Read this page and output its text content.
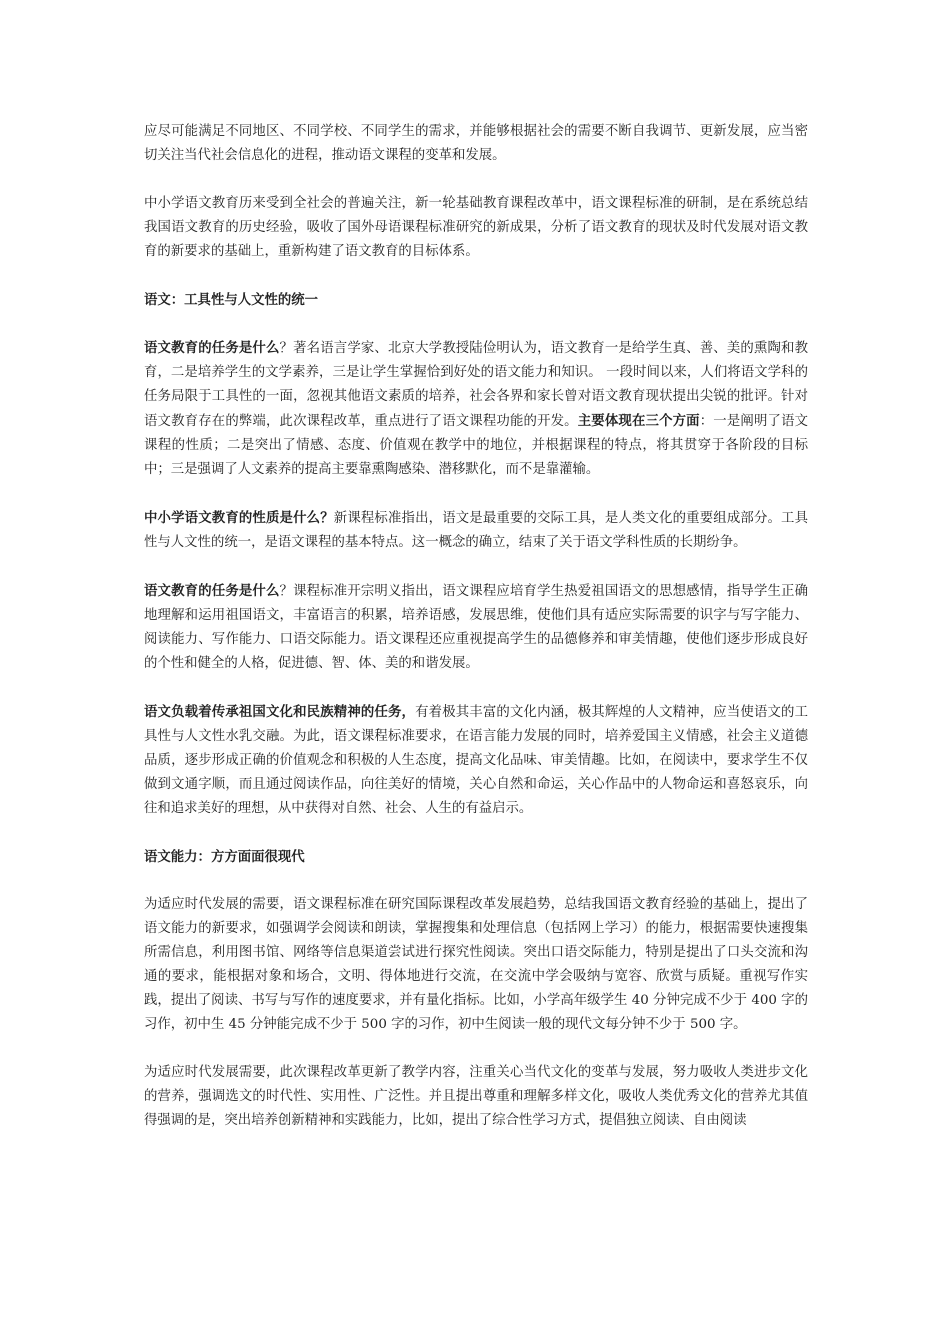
应尽可能满足不同地区、不同学校、不同学生的需求，并能够根据社会的需要不断自我调节、更新发展，应当密切关注当代社会信息化的进程，推动语文课程的变革和发展。

中小学语文教育历来受到全社会的普遍关注，新一轮基础教育课程改革中，语文课程标准的研制，是在系统总结我国语文教育的历史经验，吸收了国外母语课程标准研究的新成果，分析了语文教育的现状及时代发展对语文教育的新要求的基础上，重新构建了语文教育的目标体系。

语文：工具性与人文性的统一

语文教育的任务是什么？著名语言学家、北京大学教授陆俭明认为，语文教育一是给学生真、善、美的熏陶和教育，二是培养学生的文学素养，三是让学生掌握恰到好处的语文能力和知识。 一段时间以来，人们将语文学科的任务局限于工具性的一面，忽视其他语文素质的培养，社会各界和家长曾对语文教育现状提出尖锐的批评。针对语文教育存在的弊端，此次课程改革，重点进行了语文课程功能的开发。主要体现在三个方面：一是阐明了语文课程的性质；二是突出了情感、态度、价值观在教学中的地位，并根据课程的特点，将其贯穿于各阶段的目标中；三是强调了人文素养的提高主要靠熏陶感染、潜移默化，而不是靠灌输。

中小学语文教育的性质是什么？新课程标准指出，语文是最重要的交际工具，是人类文化的重要组成部分。工具性与人文性的统一，是语文课程的基本特点。这一概念的确立，结束了关于语文学科性质的长期纷争。

语文教育的任务是什么？课程标准开宗明义指出，语文课程应培育学生热爱祖国语文的思想感情，指导学生正确地理解和运用祖国语文，丰富语言的积累，培养语感，发展思维，使他们具有适应实际需要的识字与写字能力、阅读能力、写作能力、口语交际能力。语文课程还应重视提高学生的品德修养和审美情趣，使他们逐步形成良好的个性和健全的人格，促进德、智、体、美的和谐发展。

语文负载着传承祖国文化和民族精神的任务，有着极其丰富的文化内涵，极其辉煌的人文精神，应当使语文的工具性与人文性水乳交融。为此，语文课程标准要求，在语言能力发展的同时，培养爱国主义情感，社会主义道德品质，逐步形成正确的价值观念和积极的人生态度，提高文化品味、审美情趣。比如，在阅读中，要求学生不仅做到文通字顺，而且通过阅读作品，向往美好的情境，关心自然和命运，关心作品中的人物命运和喜怒哀乐，向往和追求美好的理想，从中获得对自然、社会、人生的有益启示。

语文能力：方方面面很现代

为适应时代发展的需要，语文课程标准在研究国际课程改革发展趋势，总结我国语文教育经验的基础上，提出了语文能力的新要求，如强调学会阅读和朗读，掌握搜集和处理信息（包括网上学习）的能力，根据需要快速搜集所需信息，利用图书馆、网络等信息渠道尝试进行探究性阅读。突出口语交际能力，特别是提出了口头交流和沟通的要求，能根据对象和场合，文明、得体地进行交流，在交流中学会吸纳与宽容、欣赏与质疑。重视写作实践，提出了阅读、书写与写作的速度要求，并有量化指标。比如，小学高年级学生 40 分钟完成不少于 400 字的习作，初中生 45 分钟能完成不少于 500 字的习作，初中生阅读一般的现代文每分钟不少于 500 字。

为适应时代发展需要，此次课程改革更新了教学内容，注重关心当代文化的变革与发展，努力吸收人类进步文化的营养，强调选文的时代性、实用性、广泛性。并且提出尊重和理解多样文化，吸收人类优秀文化的营养尤其值得强调的是，突出培养创新精神和实践能力，比如，提出了综合性学习方式，提倡独立阅读、自由阅读
